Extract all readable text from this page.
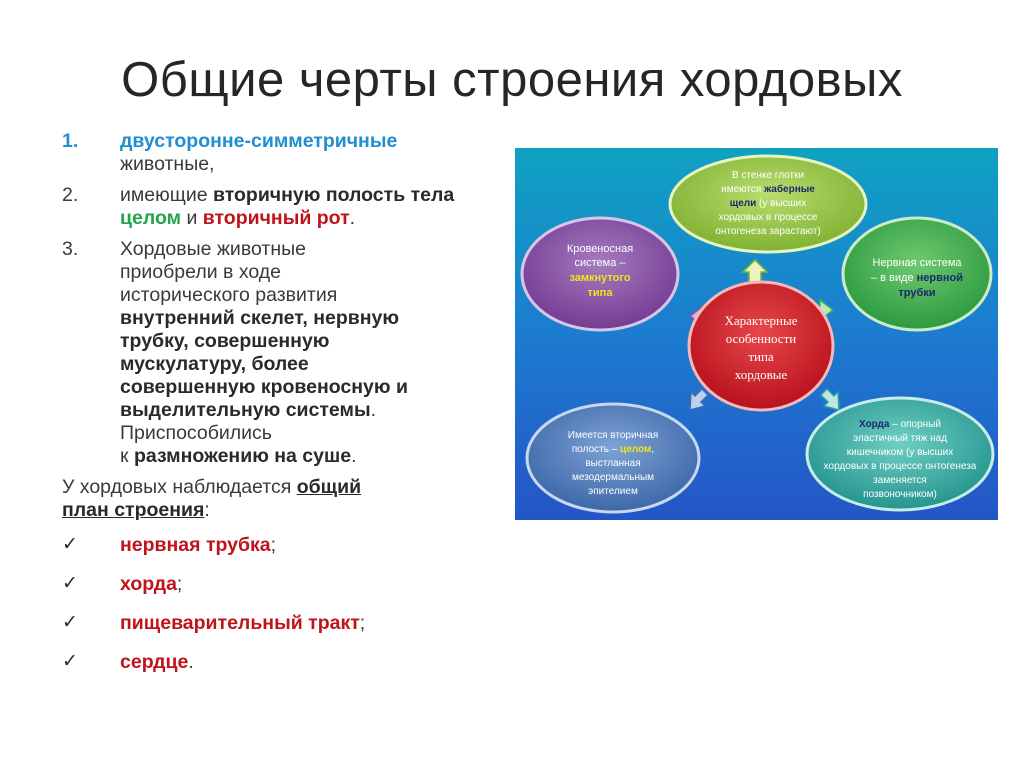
Общие черты строения хордовых
1. двусторонне-симметричные
животные,
2. имеющие вторичную полость тела целом и вторичный рот.
3. Хордовые животные
приобрели в ходе
исторического развития
внутренний скелет, нервную
трубку, совершенную
мускулатуру, более
совершенную кровеносную и
выделительную системы.
Приспособились
к размножению на суше.
У хордовых наблюдается общий
план строения:
✓ нервная трубка;
✓ хорда;
✓ пищеварительный тракт;
✓ сердце.
В стенке глотки
имеются жаберные
щели (у высших
хордовых в процессе
онтогенеза зарастают)
Кровеносная
система –
замкнутого
типа
Нервная система
– в виде нервной
трубки
Характерные
особенности
типа
хордовые
Имеется вторичная
полость – целом,
выстланная
мезодермальным
эпителием
Хорда – опорный
эластичный тяж над
кишечником (у высших
хордовых в процессе онтогенеза
заменяется
позвоночником)
